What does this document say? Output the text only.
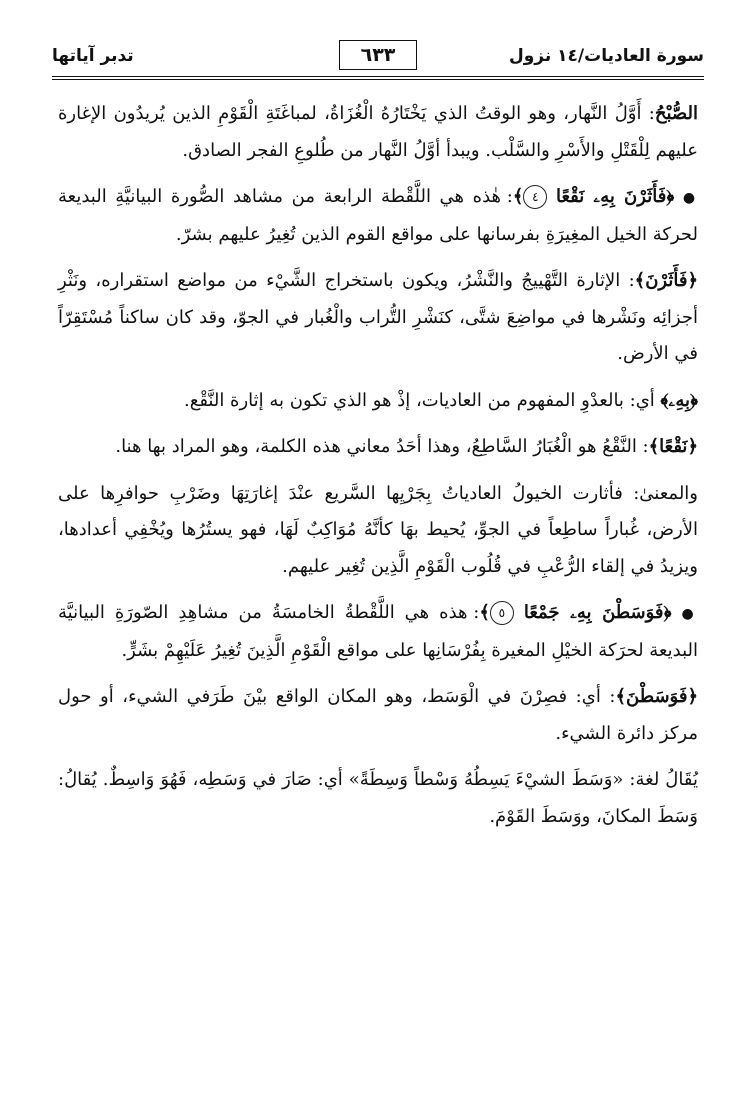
سورة العاديات/١٤ نزول
٦٣٣
تدبر آياتها

الصُّبْحُ: أَوَّلُ النَّهار، وهو الوقتُ الذي يَخْتَارُهُ الْغُزَاةُ، لمباغَتَةِ الْقَوْمِ الذين يُريدُون الإغارة عليهم لِلْقَتْلِ والأَسْرِ والسَّلْب. ويبدأ أوَّلُ النَّهار من طُلوعِ الفجر الصادق.

● ﴿فَأَثَرْنَ بِهِۦ نَقْعًا ٤﴾: هٰذه هي اللَّقْطة الرابعة من مشاهد الصُّورة البيانيَّةِ البديعة لحركة الخيل المغِيرَةِ بفرسانها على مواقع القوم الذين تُغِيرُ عليهم بشرّ.

﴿فَأَثَرْنَ﴾: الإثارة التَّهْييجُ والنَّشْرُ، ويكون باستخراج الشَّيْء من مواضع استقراره، ونَثْرِ أجزائِه ونَشْرها في مواضِعَ شتَّى، كنَشْرِ التُّراب والْغُبار في الجوّ، وقد كان ساكناً مُسْتَقِرّاً في الأرض.

﴿بِهِۦ﴾ أي: بالعدْوِ المفهوم من العاديات، إذْ هو الذي تكون به إثارة النَّقْع.

﴿نَقْعًا﴾: النَّقْعُ هو الْغُبَارُ السَّاطِعُ، وهذا أحَدُ معاني هذه الكلمة، وهو المراد بها هنا.

والمعنىٰ: فأثارت الخيولُ العادياتُ بِجَرْيِها السَّريع عنْدَ إغارَتِهَا وضَرْبِ حوافرِها على الأرض، غُباراً ساطِعاً في الجوِّ، يُحيط بهَا كأنَّهُ مُوَاكِبٌ لَهَا، فهو يستُرُها ويُخْفِي أعدادها، ويزيدُ في إلقاء الرُّعْبِ في قُلُوب الْقَوْمِ الَّذِين تُغِير عليهم.

● ﴿فَوَسَطْنَ بِهِۦ جَمْعًا ٥﴾: هذه هي اللَّقْطةُ الخامسَةُ من مشاهِدِ الصّورَةِ البيانيَّة البديعة لحرَكة الخيْلِ المغيرة بِفُرْسَانِها على مواقع الْقَوْمِ الَّذِينَ تُغِيرُ عَلَيْهِمْ بشَرٍّ.

﴿فَوَسَطْنَ﴾: أي: فصِرْنَ في الْوَسَط، وهو المكان الواقع بيْنَ طَرَفي الشيء، أو حول مركز دائرة الشيء.

يُقَالُ لغة: «وَسَطَ الشيْءَ يَسِطُهُ وَسْطاً وَسِطَةً» أي: صَارَ في وَسَطِه، فَهُوَ وَاسِطٌ. يُقالُ: وَسَطَ المكانَ، ووَسَطَ القَوْمَ.
